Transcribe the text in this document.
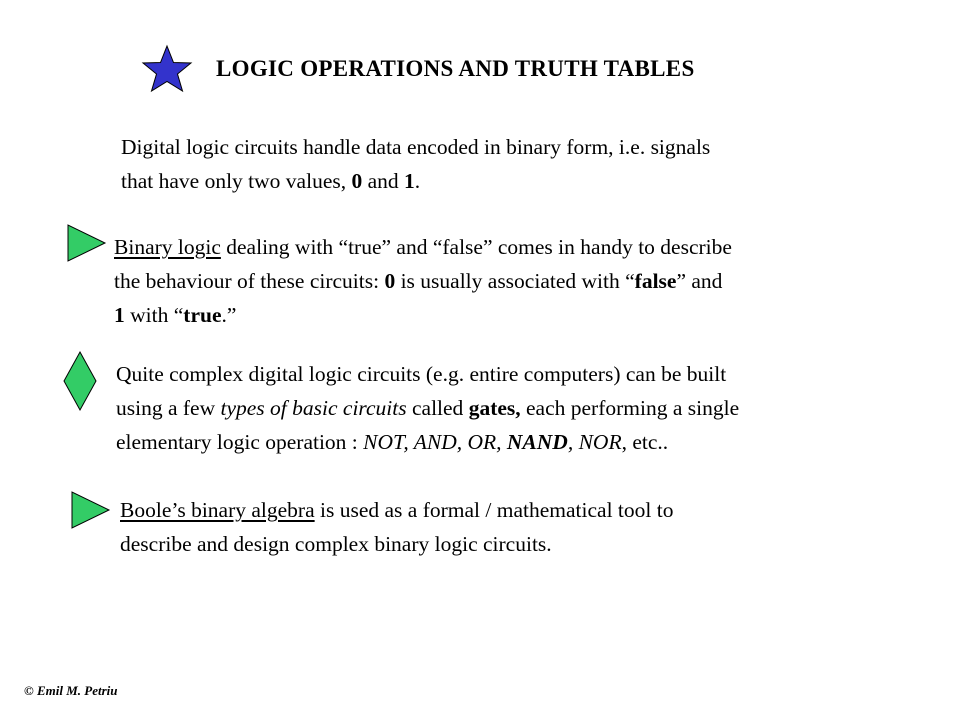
LOGIC OPERATIONS AND TRUTH TABLES
Digital logic circuits handle data encoded in binary form, i.e. signals
that have only two values, 0 and 1.
Binary logic dealing with “true” and “false” comes in handy to describe
the behaviour of these circuits: 0 is usually associated with “false” and
1 with “true.”
Quite complex digital logic circuits (e.g. entire computers) can be built
using a few types of basic circuits called gates, each performing a single
elementary logic operation : NOT, AND, OR, NAND, NOR, etc..
Boole’s binary algebra is used as a formal / mathematical tool to
describe and design complex binary logic circuits.
© Emil M. Petriu
